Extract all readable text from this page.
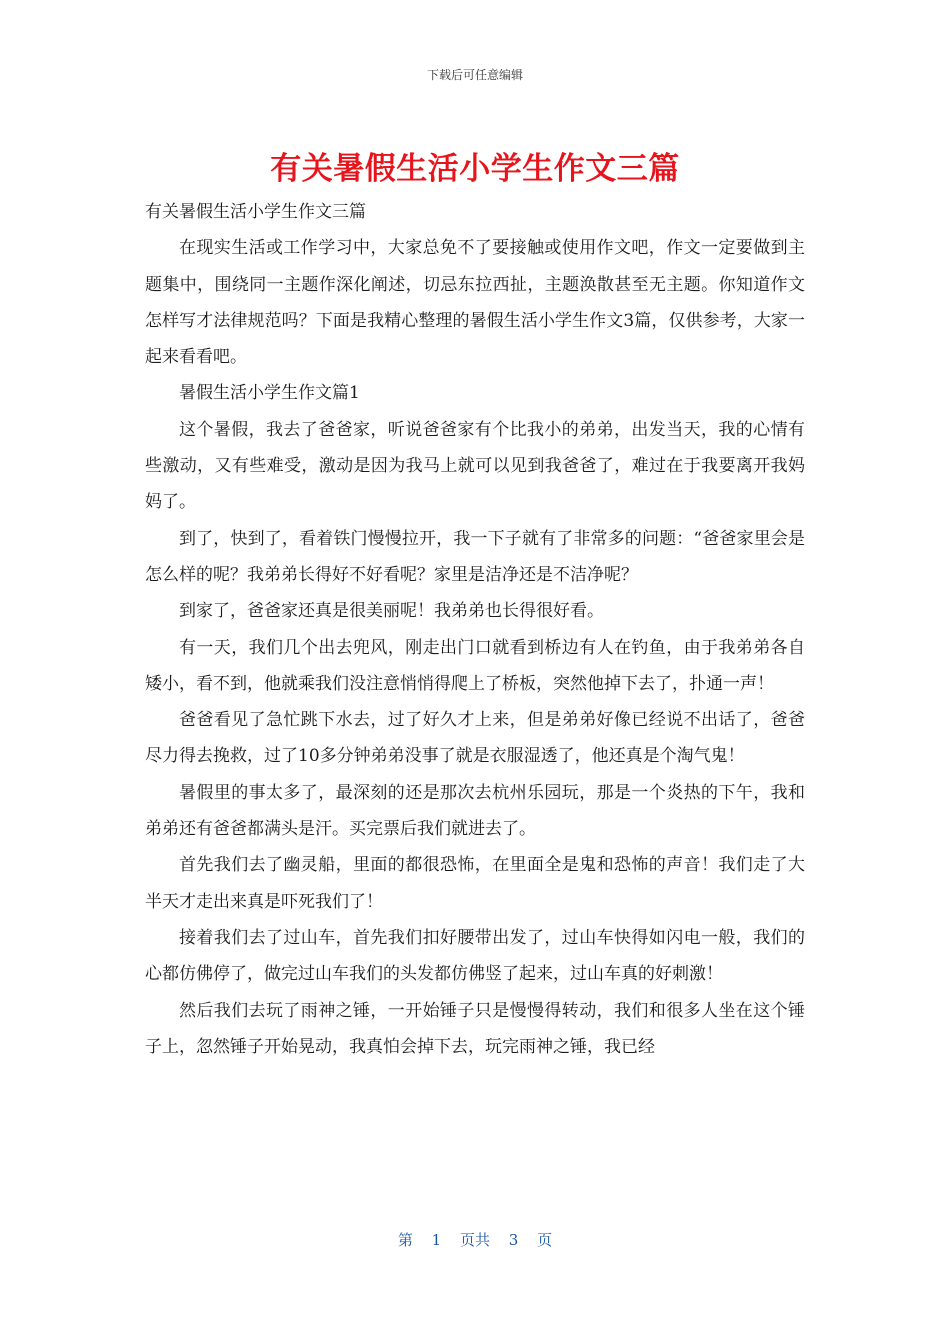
下载后可任意编辑
有关暑假生活小学生作文三篇

有关暑假生活小学生作文三篇

在现实生活或工作学习中，大家总免不了要接触或使用作文吧，作文一定要做到主题集中，围绕同一主题作深化阐述，切忌东拉西扯，主题涣散甚至无主题。你知道作文怎样写才法律规范吗？下面是我精心整理的暑假生活小学生作文3篇，仅供参考，大家一起来看看吧。

暑假生活小学生作文篇1

这个暑假，我去了爸爸家，听说爸爸家有个比我小的弟弟，出发当天，我的心情有些激动，又有些难受，激动是因为我马上就可以见到我爸爸了，难过在于我要离开我妈妈了。

到了，快到了，看着铁门慢慢拉开，我一下子就有了非常多的问题：“爸爸家里会是怎么样的呢？我弟弟长得好不好看呢？家里是洁净还是不洁净呢？

到家了，爸爸家还真是很美丽呢！我弟弟也长得很好看。

有一天，我们几个出去兜风，刚走出门口就看到桥边有人在钓鱼，由于我弟弟各自矮小，看不到，他就乘我们没注意悄悄得爬上了桥板，突然他掉下去了，扑通一声！

爸爸看见了急忙跳下水去，过了好久才上来，但是弟弟好像已经说不出话了，爸爸尽力得去挽救，过了10多分钟弟弟没事了就是衣服湿透了，他还真是个淘气鬼！

暑假里的事太多了，最深刻的还是那次去杭州乐园玩，那是一个炎热的下午，我和弟弟还有爸爸都满头是汗。买完票后我们就进去了。

首先我们去了幽灵船，里面的都很恐怖，在里面全是鬼和恐怖的声音！我们走了大半天才走出来真是吓死我们了！

接着我们去了过山车，首先我们扣好腰带出发了，过山车快得如闪电一般，我们的心都仿佛停了，做完过山车我们的头发都仿佛竖了起来，过山车真的好刺激！

然后我们去玩了雨神之锤，一开始锤子只是慢慢得转动，我们和很多人坐在这个锤子上，忽然锤子开始晃动，我真怕会掉下去，玩完雨神之锤，我已经

第 1 页共 3 页
